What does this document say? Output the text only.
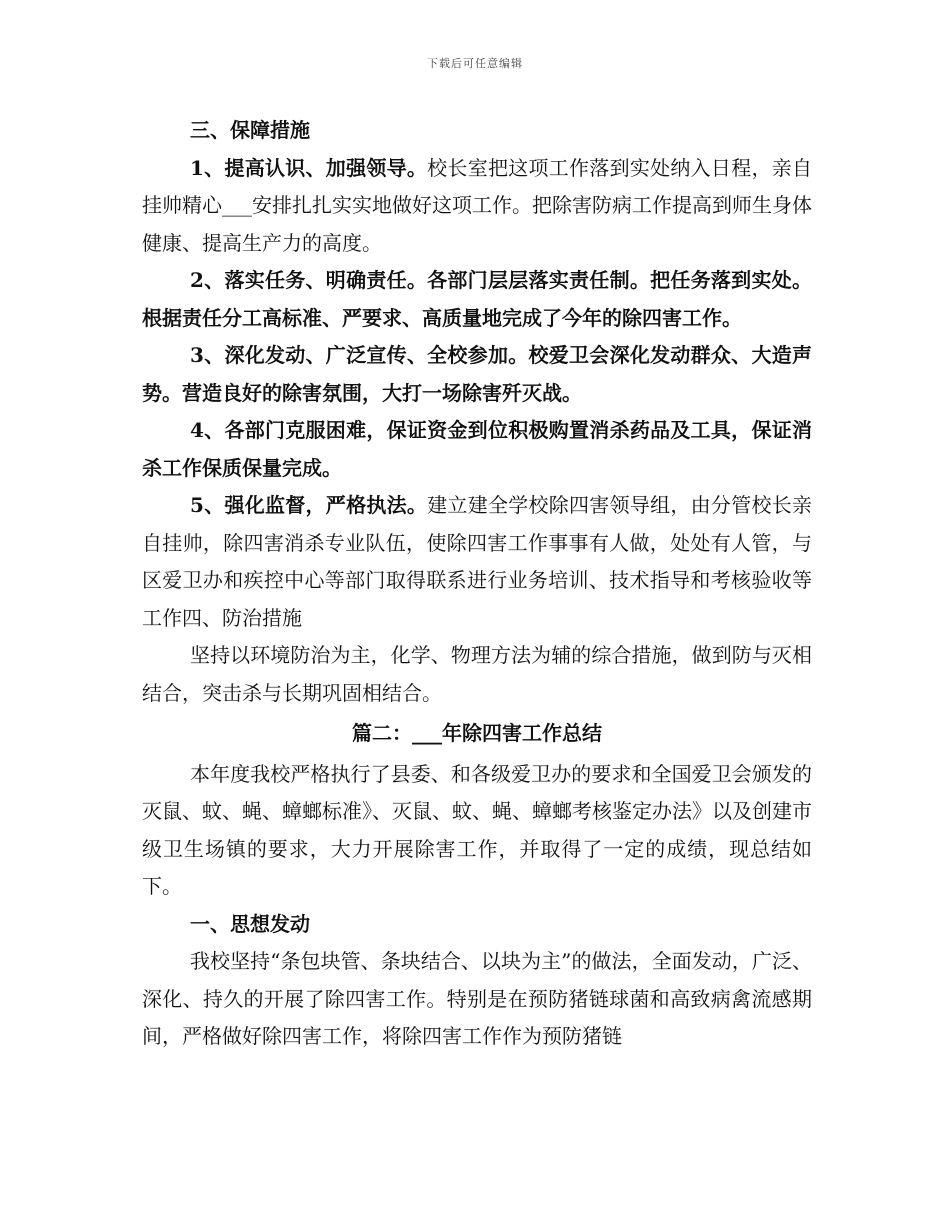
下载后可任意编辑

三、保障措施

1、提高认识、加强领导。校长室把这项工作落到实处纳入日程，亲自挂帅精心___安排扎扎实实地做好这项工作。把除害防病工作提高到师生身体健康、提高生产力的高度。

2、落实任务、明确责任。各部门层层落实责任制。把任务落到实处。根据责任分工高标准、严要求、高质量地完成了今年的除四害工作。

3、深化发动、广泛宣传、全校参加。校爱卫会深化发动群众、大造声势。营造良好的除害氛围，大打一场除害歼灭战。

4、各部门克服困难，保证资金到位积极购置消杀药品及工具，保证消杀工作保质保量完成。

5、强化监督，严格执法。建立建全学校除四害领导组，由分管校长亲自挂帅，除四害消杀专业队伍，使除四害工作事事有人做，处处有人管，与区爱卫办和疾控中心等部门取得联系进行业务培训、技术指导和考核验收等工作四、防治措施

坚持以环境防治为主，化学、物理方法为辅的综合措施，做到防与灭相结合，突击杀与长期巩固相结合。

篇二：___年除四害工作总结

本年度我校严格执行了县委、和各级爱卫办的要求和全国爱卫会颁发的灭鼠、蚊、蝇、蟑螂标准》、灭鼠、蚊、蝇、蟑螂考核鉴定办法》以及创建市级卫生场镇的要求，大力开展除害工作，并取得了一定的成绩，现总结如下。

一、思想发动

我校坚持“条包块管、条块结合、以块为主”的做法，全面发动，广泛、深化、持久的开展了除四害工作。特别是在预防猪链球菌和高致病禽流感期间，严格做好除四害工作，将除四害工作作为预防猪链
